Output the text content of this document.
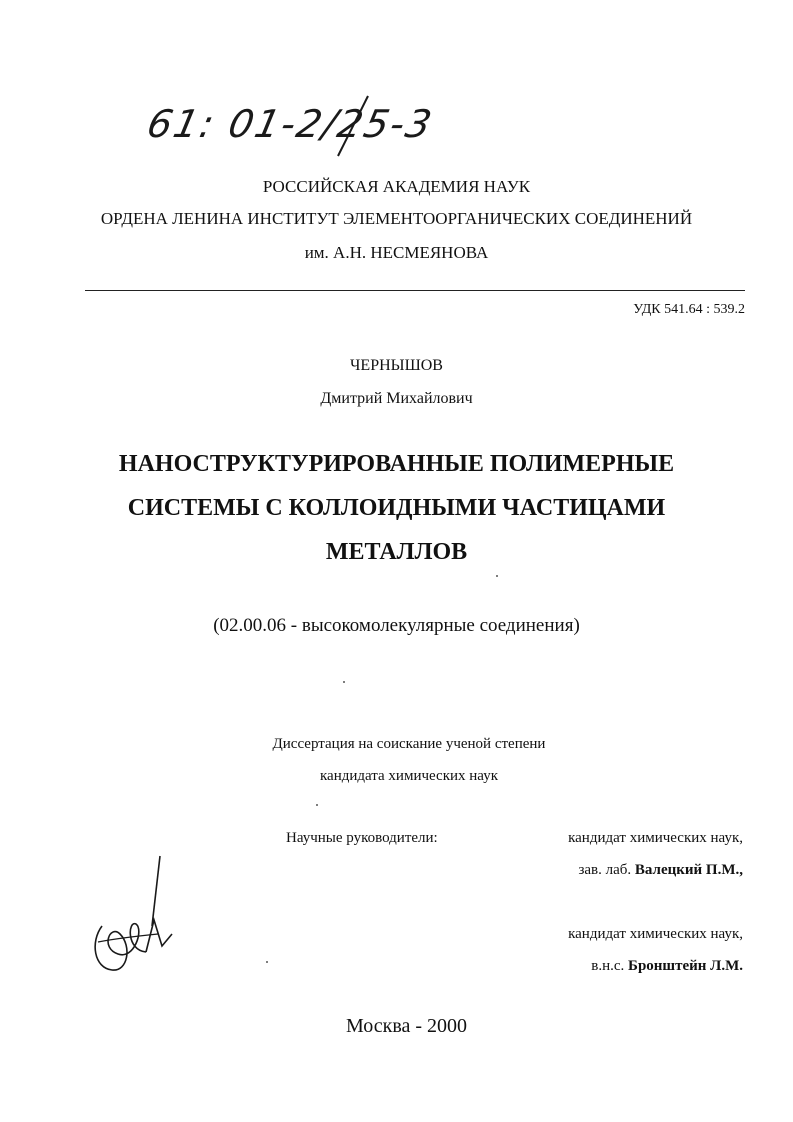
61: 01-2/25-3
РОССИЙСКАЯ АКАДЕМИЯ НАУК
ОРДЕНА ЛЕНИНА ИНСТИТУТ ЭЛЕМЕНТООРГАНИЧЕСКИХ СОЕДИНЕНИЙ
им. А.Н. НЕСМЕЯНОВА
УДК 541.64 : 539.2
ЧЕРНЫШОВ
Дмитрий Михайлович
НАНОСТРУКТУРИРОВАННЫЕ ПОЛИМЕРНЫЕ
СИСТЕМЫ С КОЛЛОИДНЫМИ ЧАСТИЦАМИ
МЕТАЛЛОВ
(02.00.06 - высокомолекулярные соединения)
Диссертация на соискание ученой степени
кандидата химических наук
Научные руководители:	кандидат химических наук,
зав. лаб. Валецкий П.М.,
кандидат химических наук,
в.н.с. Бронштейн Л.М.
Москва - 2000
